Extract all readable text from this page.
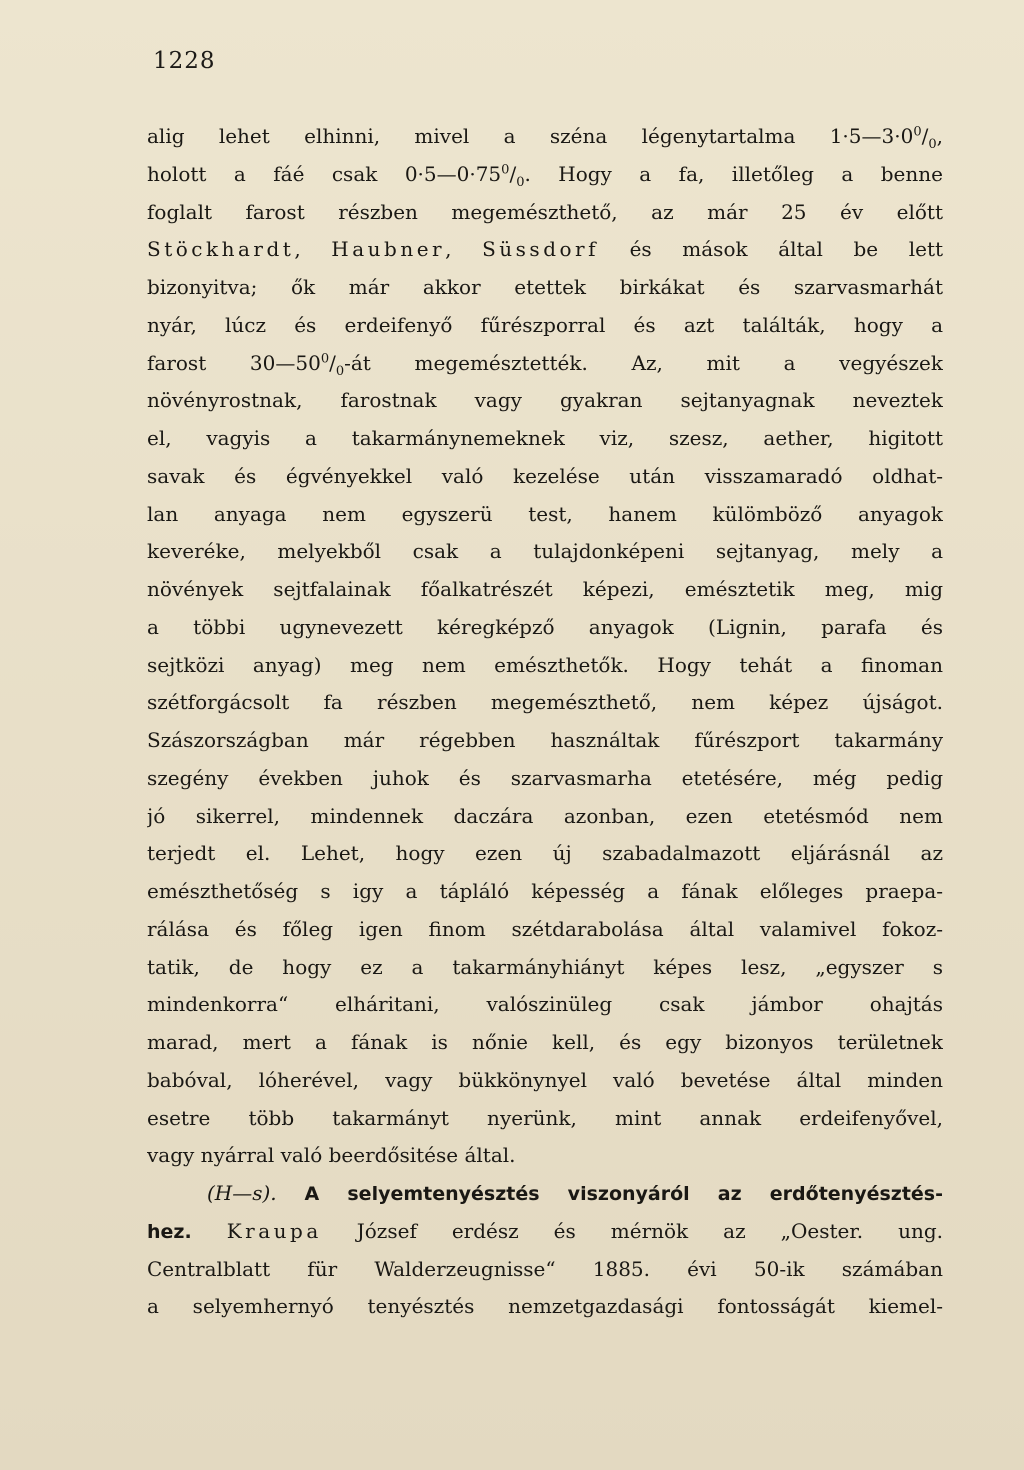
1228
alig lehet elhinni, mivel a széna légenytartalma $1\cdot 5—3\cdot 0^0/_0$,
holott a fáé csak $0\cdot 5—0\cdot 75^0/_0$. Hogy a fa, illetőleg a benne
foglalt farost részben megemészthető, az már 25 év előtt
Stöckhardt, Haubner, Süssdorf és mások által be lett
bizonyitva; ők már akkor etettek birkákat és szarvasmarhát
nyár, lúcz és erdeifenyő fűrészporral és azt találták, hogy a
farost $30—50^0/_0-át$ megemésztették. Az, mit a vegyészek
növényrostnak, farostnak vagy gyakran sejtanyagnak neveztek
el, vagyis a takarmánynemeknek viz, szesz, aether, higitott
savak és égvényekkel való kezelése után visszamaradó oldhat-
lan anyaga nem egyszerü test, hanem külömböző anyagok
keveréke, melyekből csak a tulajdonképeni sejtanyag, mely a
növények sejtfalainak főalkatrészét képezi, emésztetik meg, mig
a többi ugynevezett kéregképző anyagok (Lignin, parafa és
sejtközi anyag) meg nem emészthetők. Hogy tehát a finoman
szétforgácsolt fa részben megemészthető, nem képez újságot.
Szászországban már régebben használtak fűrészport takarmány
szegény években juhok és szarvasmarha etetésére, még pedig
jó sikerrel, mindennek daczára azonban, ezen etetésmód nem
terjedt el. Lehet, hogy ezen új szabadalmazott eljárásnál az
emészthetőség s igy a tápláló képesség a fának előleges praepa-
rálása és főleg igen finom szétdarabolása által valamivel fokoz-
tatik, de hogy ez a takarmányhiányt képes lesz, „egyszer s
mindenkorra“ elháritani, valószinüleg csak jámbor ohajtás
marad, mert a fának is nőnie kell, és egy bizonyos területnek
babóval, lóherével, vagy bükkönynyel való bevetése által minden
esetre több takarmányt nyerünk, mint annak erdeifenyővel,
vagy nyárral való beerdősitése által.
(H—s). A selyemtenyésztés viszonyáról az erdőtenyésztés-
hez. Kraupa József erdész és mérnök az „Oester. ung.
Centralblatt für Walderzeugnisse“ 1885. évi 50-ik számában
a selyemhernyó tenyésztés nemzetgazdasági fontosságát kiemel-
